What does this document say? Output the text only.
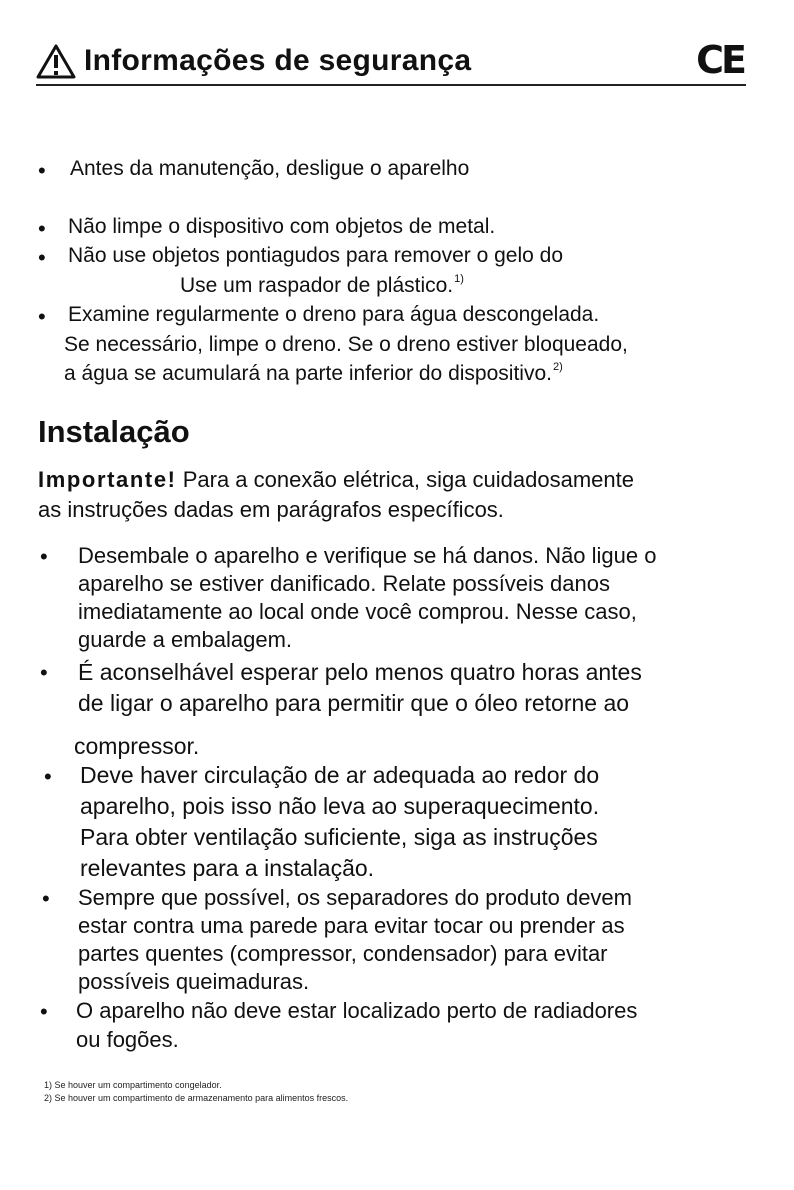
Informações de segurança	CE
• Antes da manutenção, desligue o aparelho
• Não limpe o dispositivo com objetos de metal.
• Não use objetos pontiagudos para remover o gelo do
Use um raspador de plástico.$^{1)}$
• Examine regularmente o dreno para água descongelada.
Se necessário, limpe o dreno. Se o dreno estiver bloqueado,
a água se acumulará na parte inferior do dispositivo.$^{2)}$
Instalação
Importante! Para a conexão elétrica, siga cuidadosamente
as instruções dadas em parágrafos específicos.
• Desembale o aparelho e verifique se há danos. Não ligue o
aparelho se estiver danificado. Relate possíveis danos
imediatamente ao local onde você comprou. Nesse caso,
guarde a embalagem.
• É aconselhável esperar pelo menos quatro horas antes
de ligar o aparelho para permitir que o óleo retorne ao
compressor.
• Deve haver circulação de ar adequada ao redor do
aparelho, pois isso não leva ao superaquecimento.
Para obter ventilação suficiente, siga as instruções
relevantes para a instalação.
• Sempre que possível, os separadores do produto devem
estar contra uma parede para evitar tocar ou prender as
partes quentes (compressor, condensador) para evitar
possíveis queimaduras.
• O aparelho não deve estar localizado perto de radiadores
ou fogões.
1) Se houver um compartimento congelador.
2) Se houver um compartimento de armazenamento para alimentos frescos.
